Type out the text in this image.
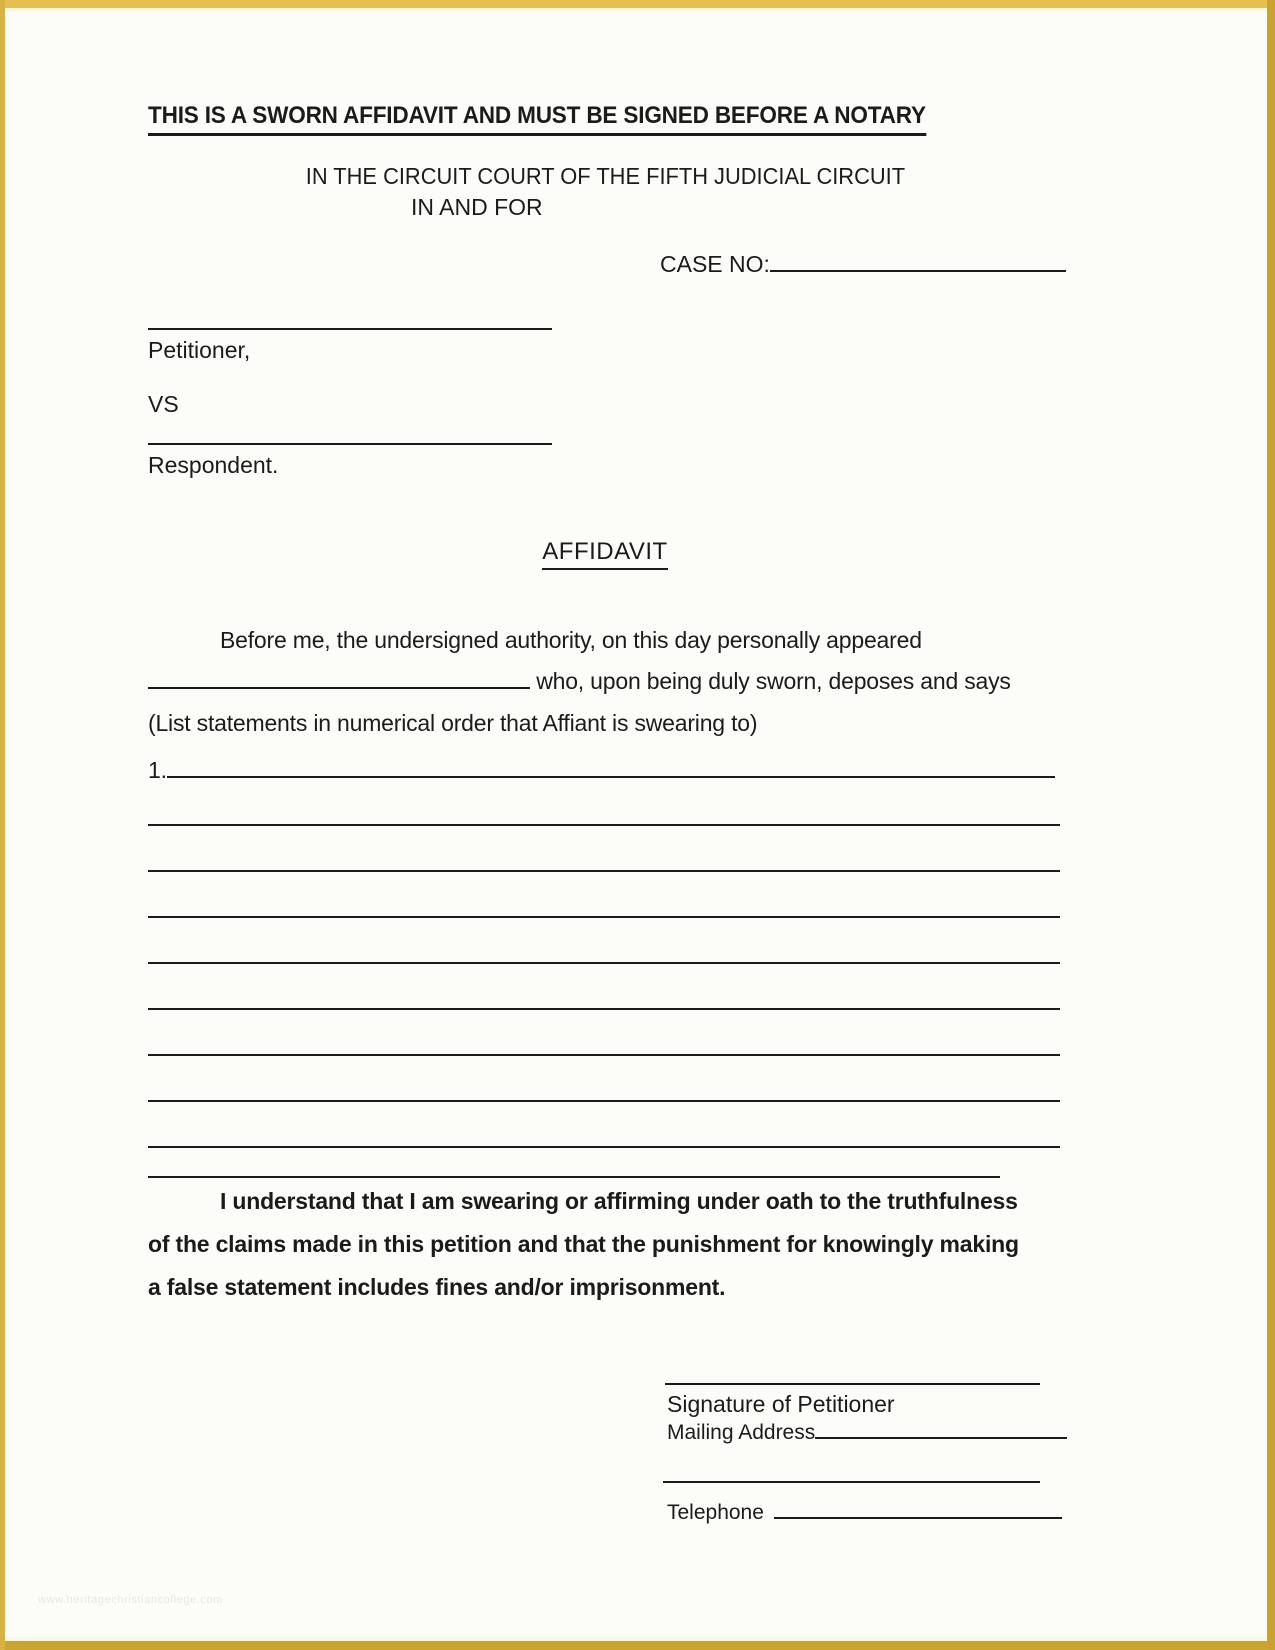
THIS IS A SWORN AFFIDAVIT AND MUST BE SIGNED BEFORE A NOTARY
IN THE CIRCUIT COURT OF THE FIFTH JUDICIAL CIRCUIT
IN AND FOR
CASE NO:
Petitioner,
VS
Respondent.
AFFIDAVIT
Before me, the undersigned authority, on this day personally appeared
who, upon being duly sworn, deposes and says
(List statements in numerical order that Affiant is swearing to)
1.
I understand that I am swearing or affirming under oath to the truthfulness
of the claims made in this petition and that the punishment for knowingly making
a false statement includes fines and/or imprisonment.
Signature of Petitioner
Mailing Address
Telephone
www.heritagechristiancollege.com
